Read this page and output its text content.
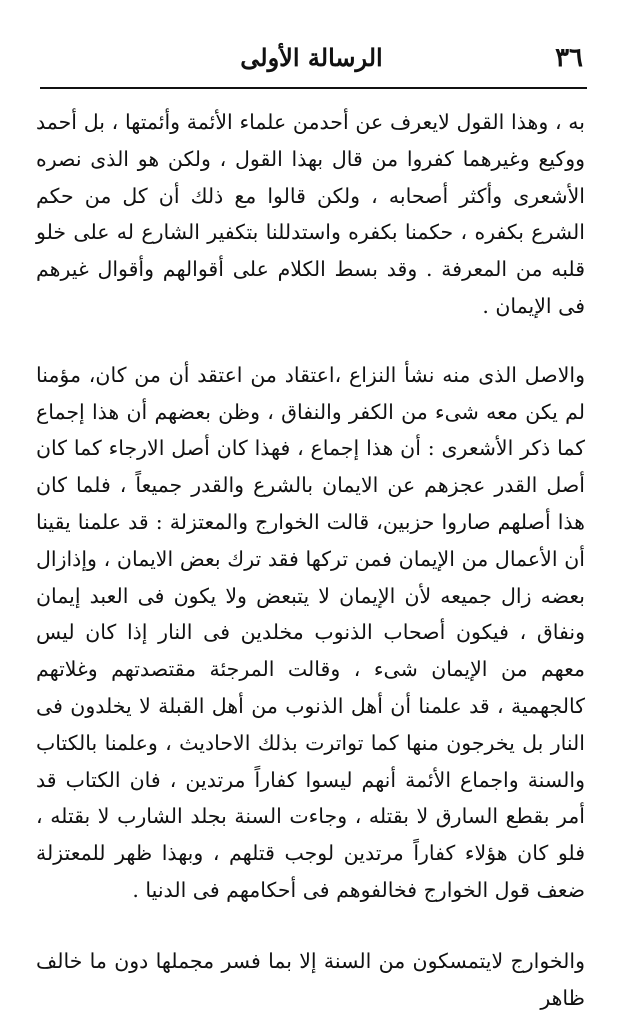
٣٦
الرسالة الأولى

به ، وهذا القول لايعرف عن أحدمن علماء الأئمة وأئمتها ، بل أحمد ووكيع وغيرهما كفروا من قال بهذا القول ، ولكن هو الذى نصره الأشعرى وأكثر أصحابه ، ولكن قالوا مع ذلك أن كل من حكم الشرع بكفره ، حكمنا بكفره واستدللنا بتكفير الشارع له على خلو قلبه من المعرفة . وقد بسط الكلام على أقوالهم وأقوال غيرهم فى الإيمان .

والاصل الذى منه نشأ النزاع ،اعتقاد من اعتقد أن من كان، مؤمنا لم يكن معه شىء من الكفر والنفاق ، وظن بعضهم أن هذا إجماع كما ذكر الأشعرى : أن هذا إجماع ، فهذا كان أصل الارجاء كما كان أصل القدر عجزهم عن الايمان بالشرع والقدر جميعاً ، فلما كان هذا أصلهم صاروا حزبين، قالت الخوارج والمعتزلة : قد علمنا يقينا أن الأعمال من الإيمان فمن تركها فقد ترك بعض الايمان ، وإذازال بعضه زال جميعه لأن الإيمان لا يتبعض ولا يكون فى العبد إيمان ونفاق ، فيكون أصحاب الذنوب مخلدين فى النار إذا كان ليس معهم من الإيمان شىء ، وقالت المرجئة مقتصدتهم وغلاتهم كالجهمية ، قد علمنا أن أهل الذنوب من أهل القبلة لا يخلدون فى النار بل يخرجون منها كما تواترت بذلك الاحاديث ، وعلمنا بالكتاب والسنة واجماع الأئمة أنهم ليسوا كفاراً مرتدين ، فان الكتاب قد أمر بقطع السارق لا بقتله ، وجاءت السنة بجلد الشارب لا بقتله ، فلو كان هؤلاء كفاراً مرتدين لوجب قتلهم ، وبهذا ظهر للمعتزلة ضعف قول الخوارج فخالفوهم فى أحكامهم فى الدنيا .

والخوارج لايتمسكون من السنة إلا بما فسر مجملها دون ما خالف ظاهر
